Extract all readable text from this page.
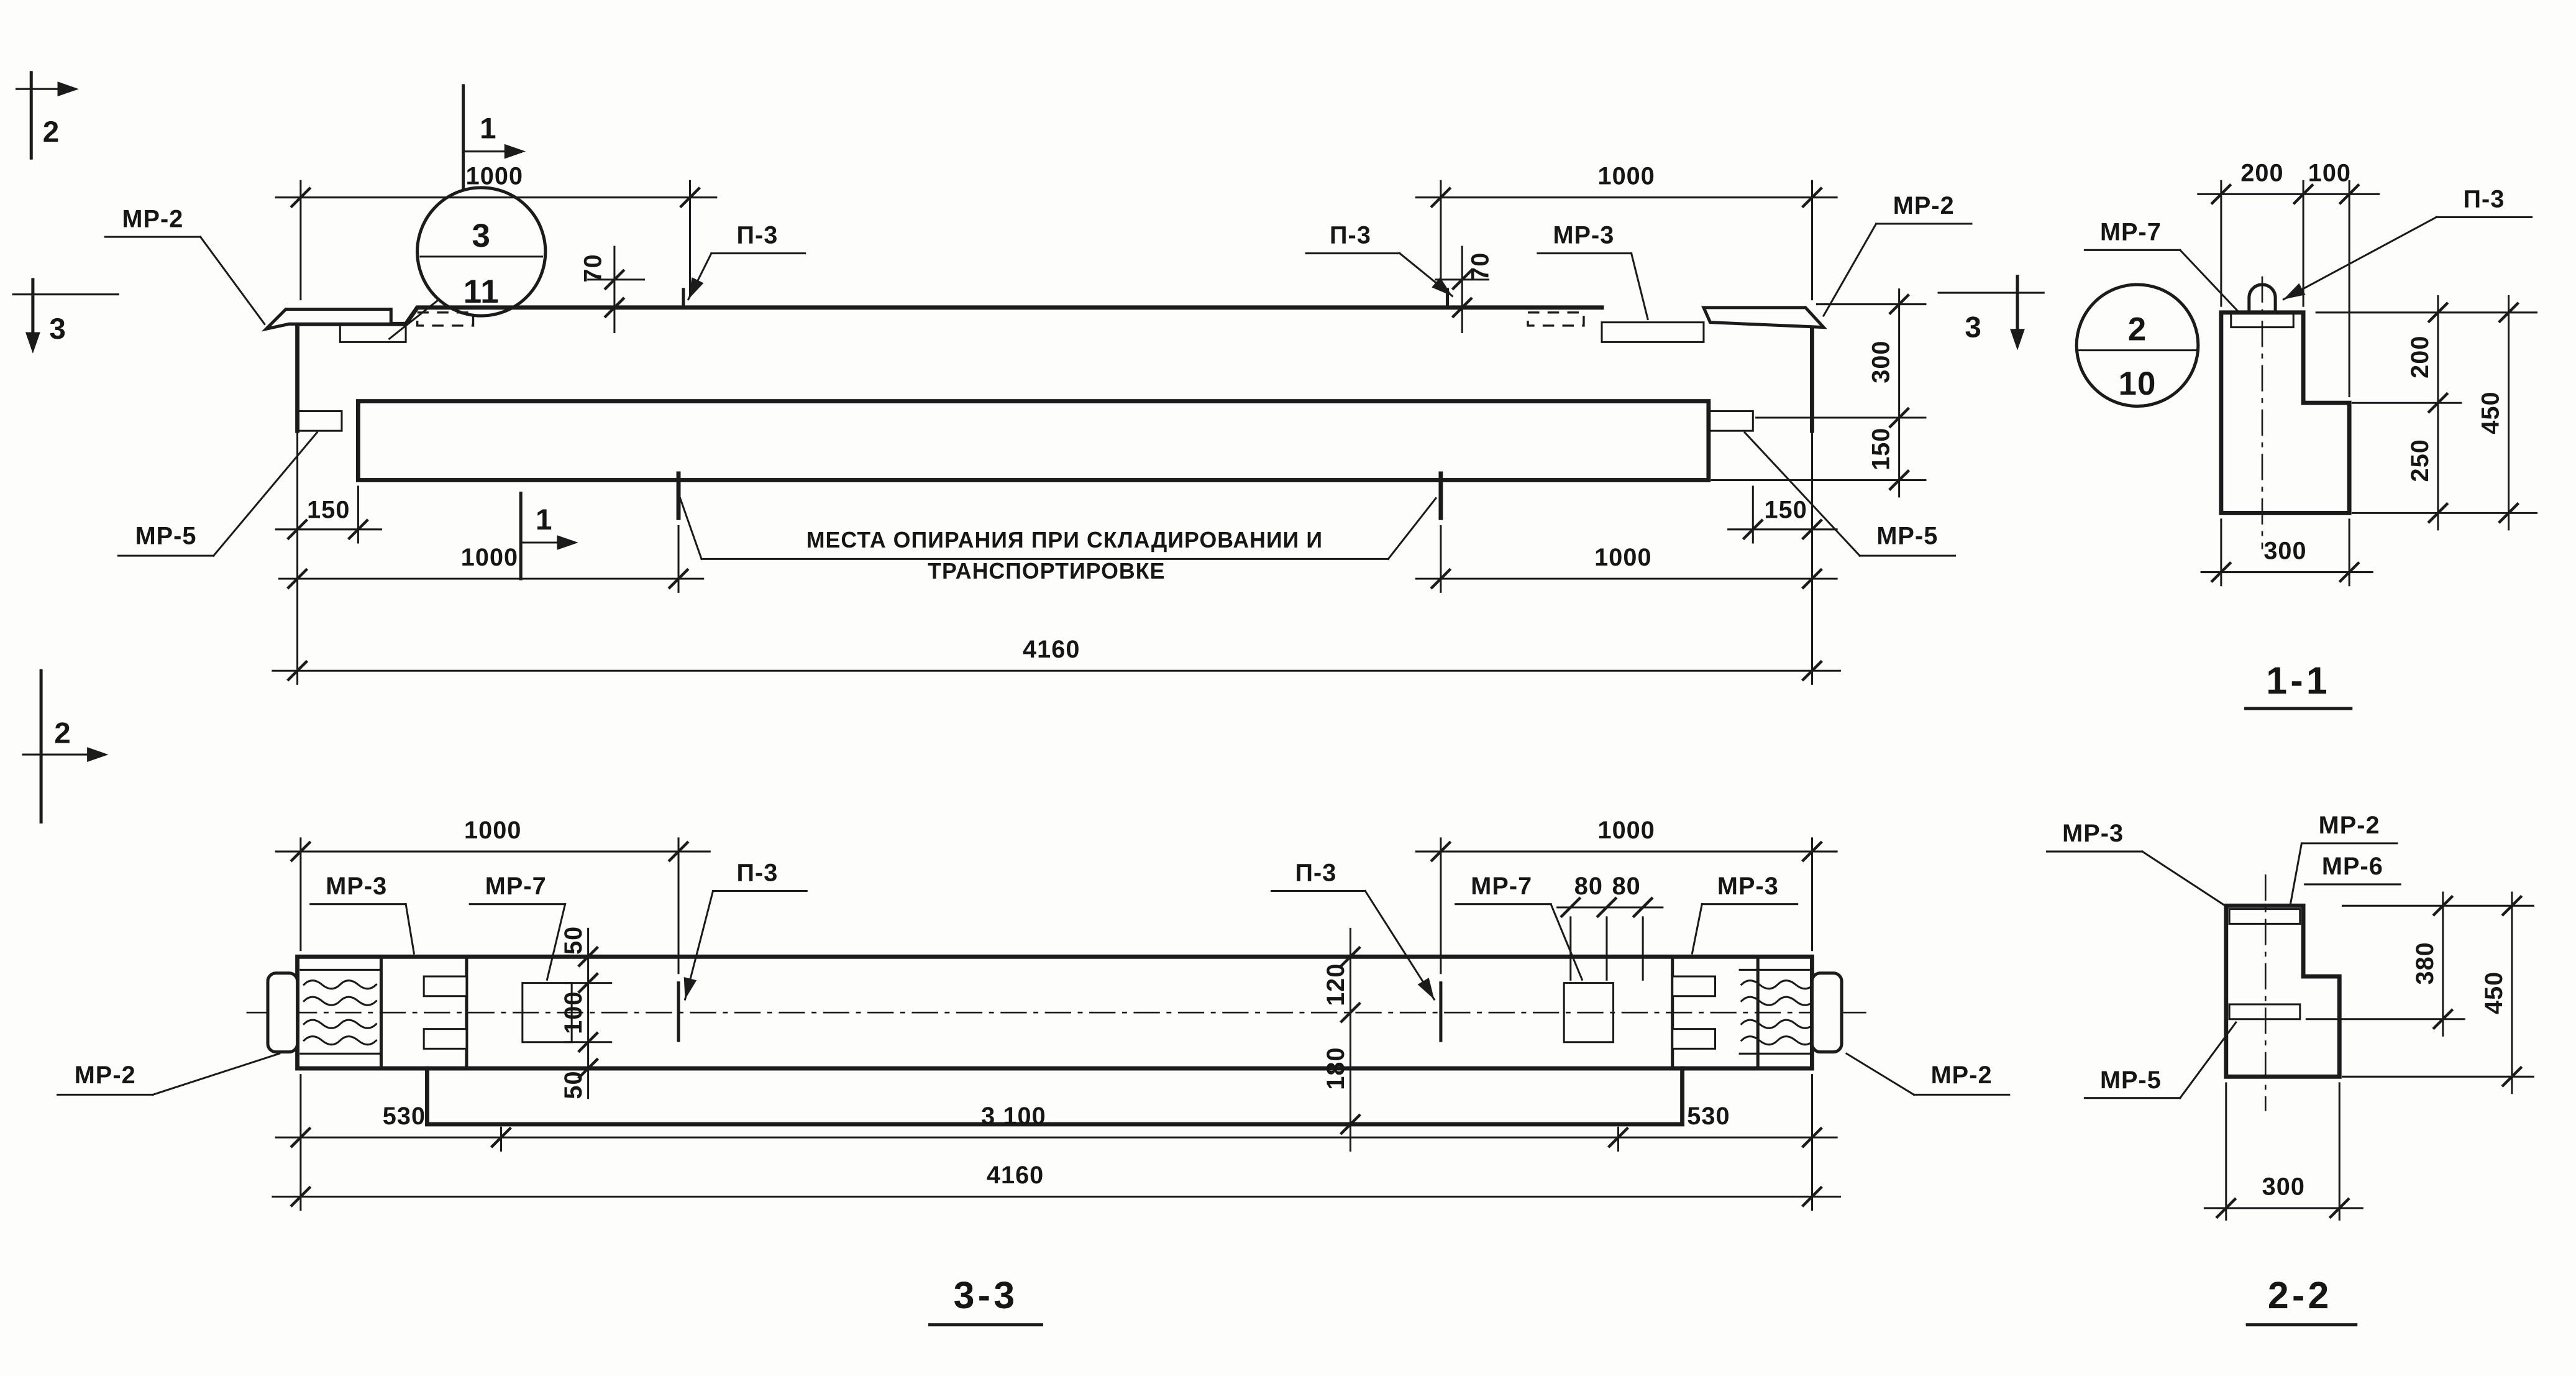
2
2
3	3
1
1
3
11
МР-2
МР-5
П-3	П-3	МР-3
МР-2
МР-5
1000	1000
70	70
300
150
150	150
1000	1000
4160
МЕСТА ОПИРАНИЯ ПРИ СКЛАДИРОВАНИИ И
ТРАНСПОРТИРОВКЕ
200	100
П-3
МР-7
2
10
200
250
450
300
1-1
1000	1000
МР-3	МР-7	П-3	П-3	МР-7	80 80	МР-3
МР-2	МР-2
50
100
50
120
180
530	3 100	530
4160
3-3
МР-3	МР-2
МР-6
МР-5
380
450
300
2-2
